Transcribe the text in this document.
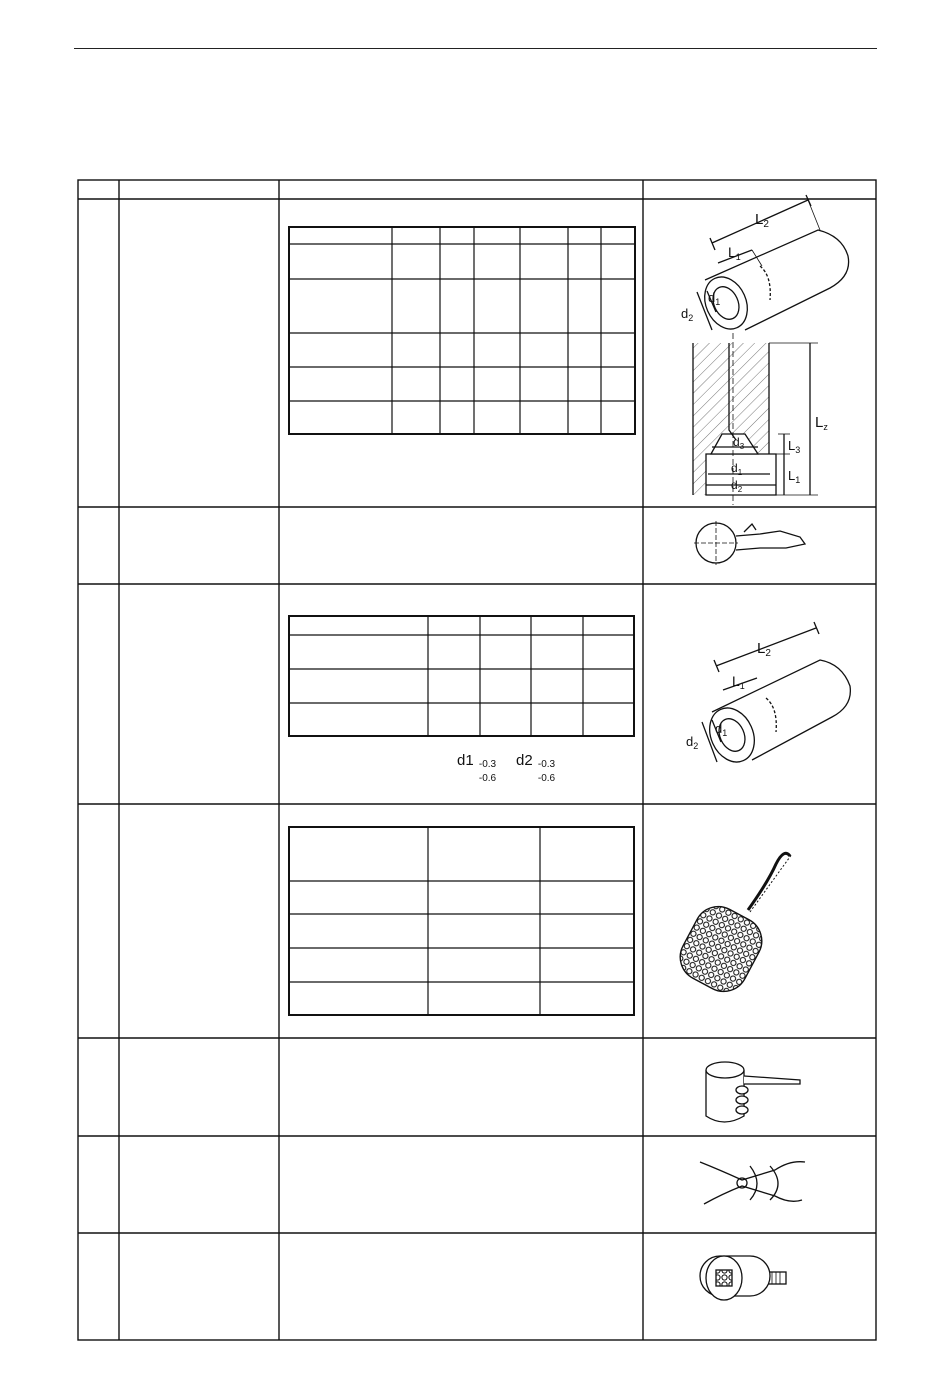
$L_2$
$L_1$
$d_1$
$d_2$
$d_3$
$d_1$
$d_2$
$L_3$
$L_1$
$L_z$
$L_2$
$L_1$
$d_1$
$d_2$
d1 -0.3
-0.6
d2 -0.3
-0.6
